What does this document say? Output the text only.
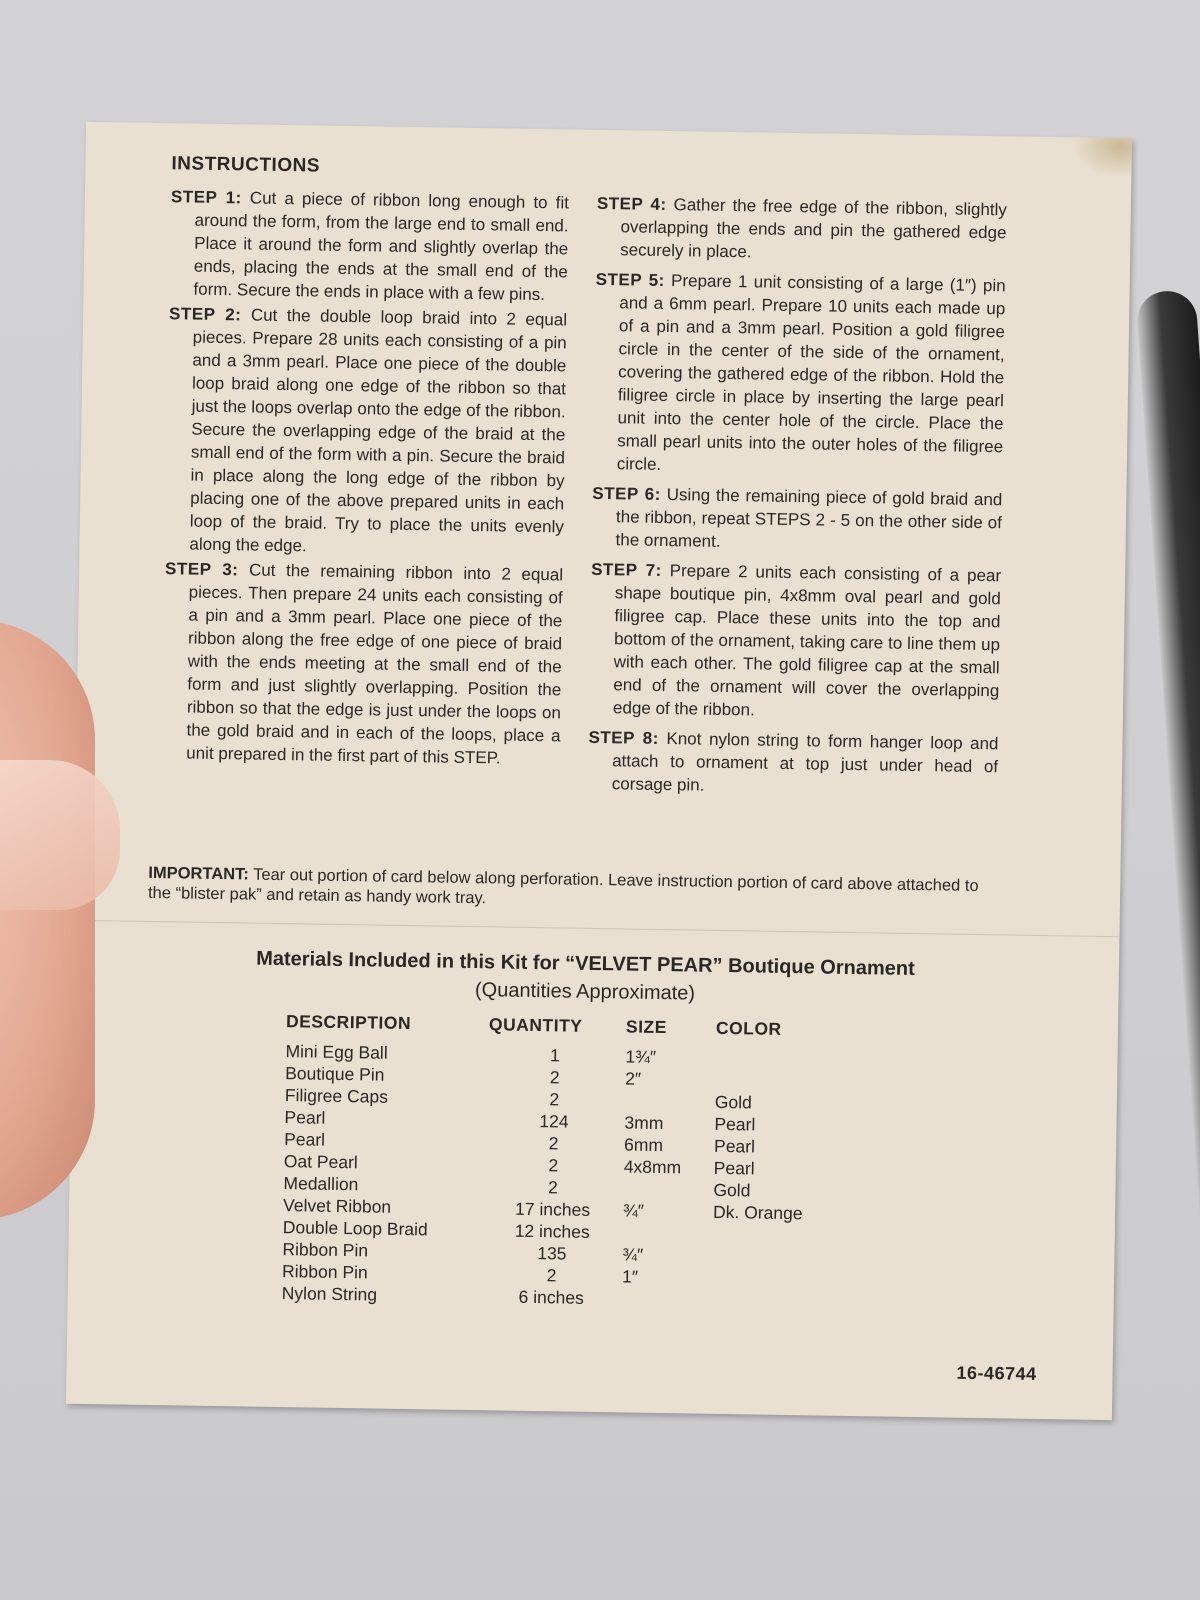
INSTRUCTIONS
STEP 1: Cut a piece of ribbon long enough to fit around the form, from the large end to small end. Place it around the form and slightly overlap the ends, placing the ends at the small end of the form. Secure the ends in place with a few pins.
STEP 2: Cut the double loop braid into 2 equal pieces. Prepare 28 units each consisting of a pin and a 3mm pearl. Place one piece of the double loop braid along one edge of the ribbon so that just the loops overlap onto the edge of the ribbon. Secure the overlapping edge of the braid at the small end of the form with a pin. Secure the braid in place along the long edge of the ribbon by placing one of the above prepared units in each loop of the braid. Try to place the units evenly along the edge.
STEP 3: Cut the remaining ribbon into 2 equal pieces. Then prepare 24 units each consisting of a pin and a 3mm pearl. Place one piece of the ribbon along the free edge of one piece of braid with the ends meeting at the small end of the form and just slightly overlapping. Position the ribbon so that the edge is just under the loops on the gold braid and in each of the loops, place a unit prepared in the first part of this STEP.
STEP 4: Gather the free edge of the ribbon, slightly overlapping the ends and pin the gathered edge securely in place.
STEP 5: Prepare 1 unit consisting of a large (1″) pin and a 6mm pearl. Prepare 10 units each made up of a pin and a 3mm pearl. Position a gold filigree circle in the center of the side of the ornament, covering the gathered edge of the ribbon. Hold the filigree circle in place by inserting the large pearl unit into the center hole of the circle. Place the small pearl units into the outer holes of the filigree circle.
STEP 6: Using the remaining piece of gold braid and the ribbon, repeat STEPS 2 - 5 on the other side of the ornament.
STEP 7: Prepare 2 units each consisting of a pear shape boutique pin, 4x8mm oval pearl and gold filigree cap. Place these units into the top and bottom of the ornament, taking care to line them up with each other. The gold filigree cap at the small end of the ornament will cover the overlapping edge of the ribbon.
STEP 8: Knot nylon string to form hanger loop and attach to ornament at top just under head of corsage pin.
IMPORTANT: Tear out portion of card below along perforation. Leave instruction portion of card above attached to the “blister pak” and retain as handy work tray.
Materials Included in this Kit for “VELVET PEAR” Boutique Ornament
(Quantities Approximate)
DESCRIPTION	QUANTITY	SIZE	COLOR
Mini Egg Ball	1	1¾″	
Boutique Pin	2	2″	
Filigree Caps	2		Gold
Pearl	124	3mm	Pearl
Pearl	2	6mm	Pearl
Oat Pearl	2	4x8mm	Pearl
Medallion	2		Gold
Velvet Ribbon	17 inches	¾″	Dk. Orange
Double Loop Braid	12 inches		
Ribbon Pin	135	¾″	
Ribbon Pin	2	1″	
Nylon String	6 inches		
16-46744
